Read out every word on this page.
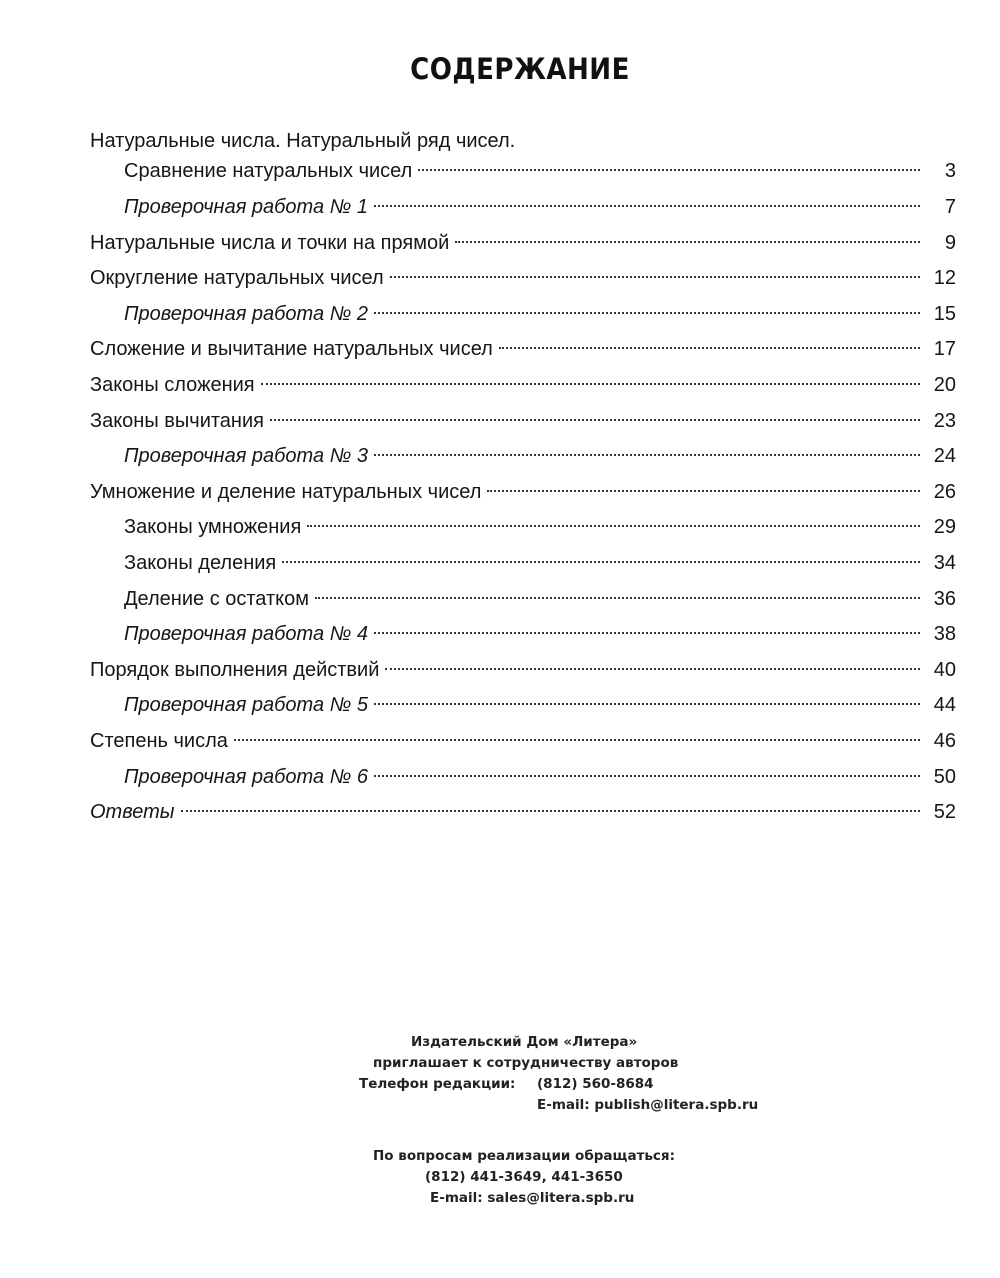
СОДЕРЖАНИЕ
Натуральные числа. Натуральный ряд чисел.
Сравнение натуральных чисел	3
Проверочная работа № 1	7
Натуральные числа и точки на прямой	9
Округление натуральных чисел	12
Проверочная работа № 2	15
Сложение и вычитание натуральных чисел	17
Законы сложения	20
Законы вычитания	23
Проверочная работа № 3	24
Умножение и деление натуральных чисел	26
Законы умножения	29
Законы деления	34
Деление с остатком	36
Проверочная работа № 4	38
Порядок выполнения действий	40
Проверочная работа № 5	44
Степень числа	46
Проверочная работа № 6	50
Ответы	52
Издательский Дом «Литера»
приглашает к сотрудничеству авторов
Телефон редакции: (812) 560-8684
E-mail: publish@litera.spb.ru
По вопросам реализации обращаться:
(812) 441-3649, 441-3650
E-mail: sales@litera.spb.ru
